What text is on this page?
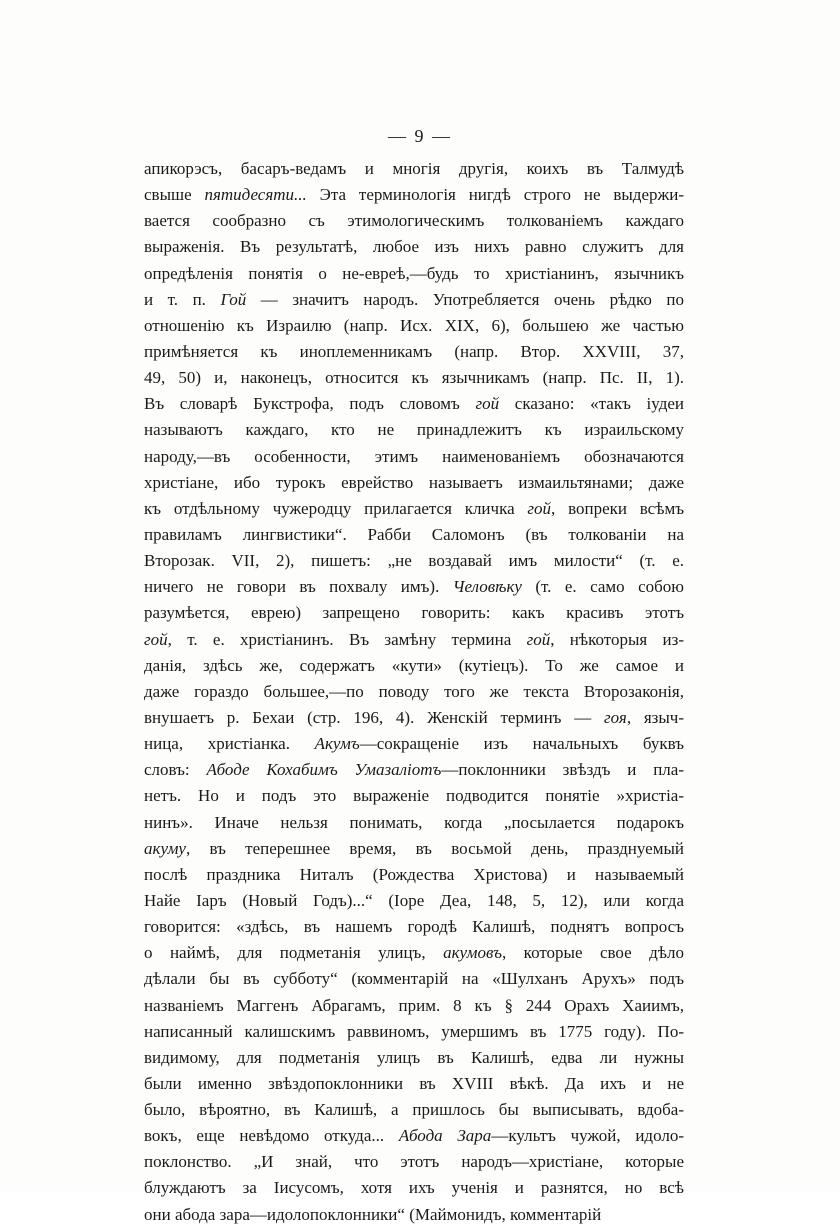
— 9 —
апикорэсъ, басаръ-ведамъ и многія другія, коихъ въ Талмудѣ
свыше пятидесяти... Эта терминологія нигдѣ строго не выдержи-
вается сообразно съ этимологическимъ толкованіемъ каждаго
выраженія. Въ результатѣ, любое изъ нихъ равно служитъ для
опредѣленія понятія о не-евреѣ,—будь то христіанинъ, язычникъ
и т. п. Гой — значитъ народъ. Употребляется очень рѣдко по
отношенію къ Израилю (напр. Исх. XIX, 6), большею же частью
примѣняется къ иноплеменникамъ (напр. Втор. XXVIII, 37,
49, 50) и, наконецъ, относится къ язычникамъ (напр. Пс. II, 1).
Въ словарѣ Букстрофа, подъ словомъ гой сказано: «такъ іудеи
называютъ каждаго, кто не принадлежитъ къ израильскому
народу,—въ особенности, этимъ наименованіемъ обозначаются
христіане, ибо турокъ еврейство называетъ измаильтянами; даже
къ отдѣльному чужеродцу прилагается кличка гой, вопреки всѣмъ
правиламъ лингвистики“. Рабби Саломонъ (въ толкованіи на
Второзак. VII, 2), пишетъ: „не воздавай имъ милости“ (т. е.
ничего не говори въ похвалу имъ). Человѣку (т. е. само собою
разумѣется, еврею) запрещено говорить: какъ красивъ этотъ
гой, т. е. христіанинъ. Въ замѣну термина гой, нѣкоторыя из-
данія, здѣсь же, содержатъ «кути» (кутіецъ). То же самое и
даже гораздо большее,—по поводу того же текста Второзаконія,
внушаетъ р. Бехаи (стр. 196, 4). Женскій терминъ — гоя, языч-
ница, христіанка. Акумъ—сокращеніе изъ начальныхъ буквъ
словъ: Абоде Кохабимъ Умазалiотъ—поклонники звѣздъ и пла-
нетъ. Но и подъ это выраженіе подводится понятіе »христіа-
нинъ». Иначе нельзя понимать, когда „посылается подарокъ
акуму, въ теперешнее время, въ восьмой день, празднуемый
послѣ праздника Ниталъ (Рождества Христова) и называемый
Найе Іаръ (Новый Годъ)...“ (Іоре Деа, 148, 5, 12), или когда
говорится: «здѣсь, въ нашемъ городѣ Калишѣ, поднятъ вопросъ
о наймѣ, для подметанія улицъ, акумовъ, которые свое дѣло
дѣлали бы въ субботу“ (комментарій на «Шулханъ Арухъ» подъ
названіемъ Маггенъ Абрагамъ, прим. 8 къ § 244 Орахъ Хаиимъ,
написанный калишскимъ раввиномъ, умершимъ въ 1775 году). По-
видимому, для подметанія улицъ въ Калишѣ, едва ли нужны
были именно звѣздопоклонники въ XVIII вѣкѣ. Да ихъ и не
было, вѣроятно, въ Калишѣ, а пришлось бы выписывать, вдоба-
вокъ, еще невѣдомо откуда... Абода Зара—культъ чужой, идоло-
поклонство. „И знай, что этотъ народъ—христіане, которые
блуждаютъ за Іисусомъ, хотя ихъ ученія и разнятся, но всѣ
они абода зара—идолопоклонники“ (Маймонидъ, комментарій
